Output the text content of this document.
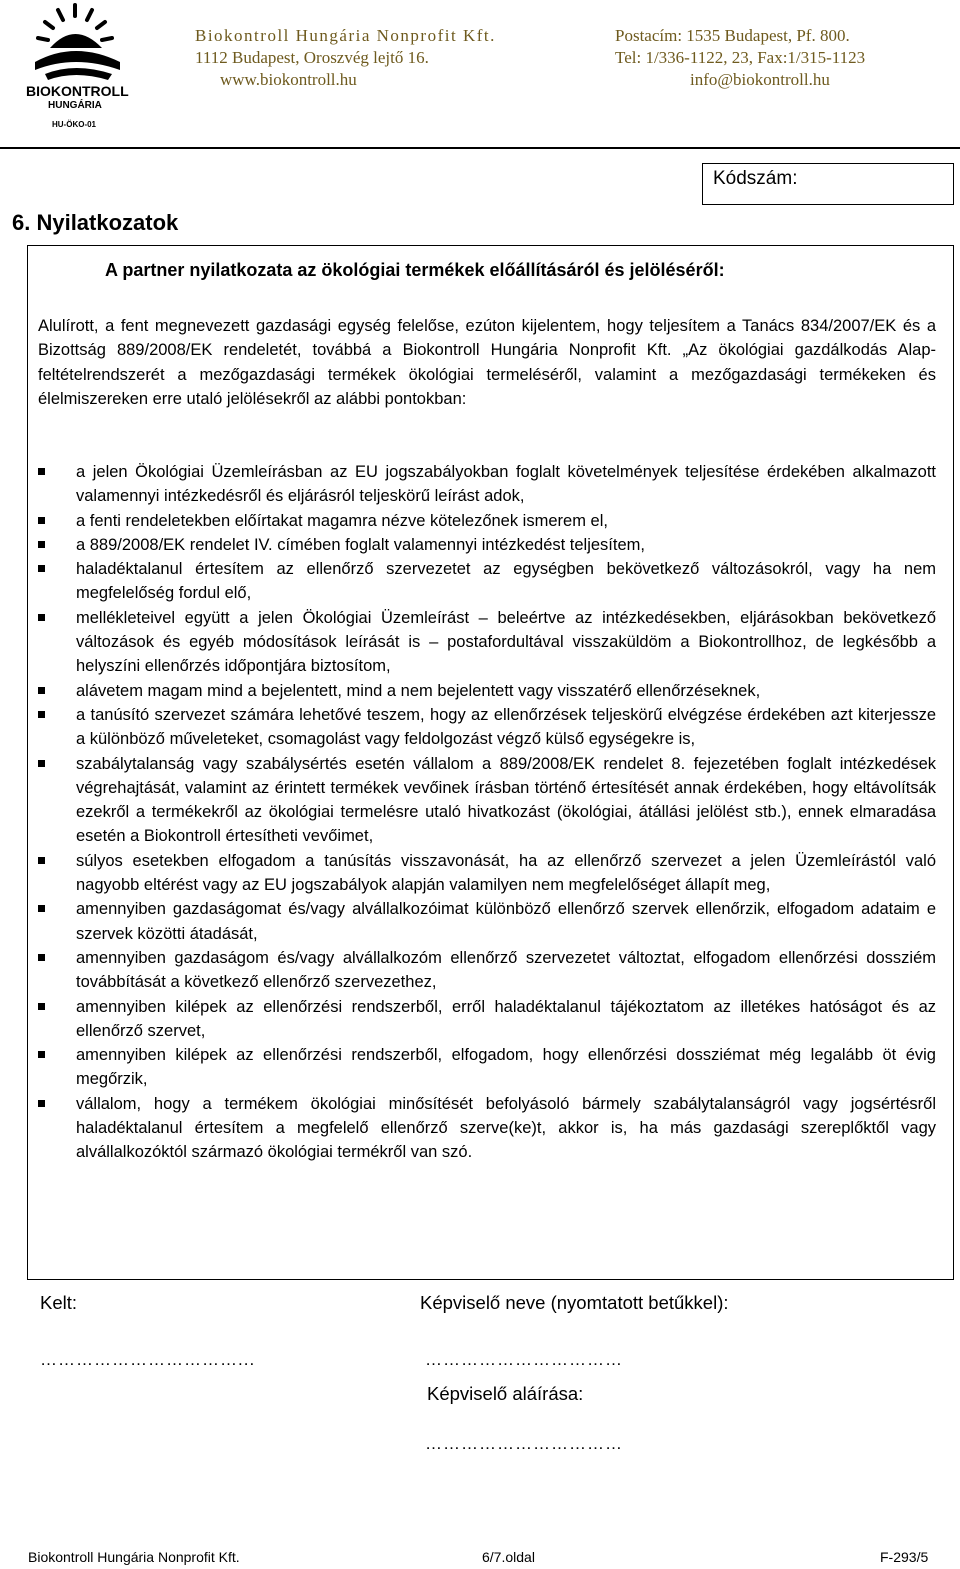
BIOKONTROLL
HUNGÁRIA
HU-ÖKO-01
Biokontroll Hungária Nonprofit Kft.
1112 Budapest, Oroszvég lejtő 16.
www.biokontroll.hu
Postacím: 1535 Budapest, Pf. 800.
Tel: 1/336-1122, 23, Fax:1/315-1123
info@biokontroll.hu
Kódszám:
6. Nyilatkozatok
A partner nyilatkozata az ökológiai termékek előállításáról és jelöléséről:
Alulírott, a fent megnevezett gazdasági egység felelőse, ezúton kijelentem, hogy teljesítem a Tanács 834/2007/EK és a Bizottság 889/2008/EK rendeletét, továbbá a Biokontroll Hungária Nonprofit Kft. „Az ökológiai gazdálkodás Alap-feltételrendszerét a mezőgazdasági termékek ökológiai termeléséről, valamint a mezőgazdasági termékeken és élelmiszereken erre utaló jelölésekről az alábbi pontokban:
a jelen Ökológiai Üzemleírásban az EU jogszabályokban foglalt követelmények teljesítése érdekében alkalmazott valamennyi intézkedésről és eljárásról teljeskörű leírást adok,
a fenti rendeletekben előírtakat magamra nézve kötelezőnek ismerem el,
a 889/2008/EK rendelet IV. címében foglalt valamennyi intézkedést teljesítem,
haladéktalanul értesítem az ellenőrző szervezetet az egységben bekövetkező változásokról, vagy ha nem megfelelőség fordul elő,
mellékleteivel együtt a jelen Ökológiai Üzemleírást – beleértve az intézkedésekben, eljárásokban bekövetkező változások és egyéb módosítások leírását is – postafordultával visszaküldöm a Biokontrollhoz, de legkésőbb a helyszíni ellenőrzés időpontjára biztosítom,
alávetem magam mind a bejelentett, mind a nem bejelentett vagy visszatérő ellenőrzéseknek,
a tanúsító szervezet számára lehetővé teszem, hogy az ellenőrzések teljeskörű elvégzése érdekében azt kiterjessze a különböző műveleteket, csomagolást vagy feldolgozást végző külső egységekre is,
szabálytalanság vagy szabálysértés esetén vállalom a 889/2008/EK rendelet 8. fejezetében foglalt intézkedések végrehajtását, valamint az érintett termékek vevőinek írásban történő értesítését annak érdekében, hogy eltávolítsák ezekről a termékekről az ökológiai termelésre utaló hivatkozást (ökológiai, átállási jelölést stb.), ennek elmaradása esetén a Biokontroll értesítheti vevőimet,
súlyos esetekben elfogadom a tanúsítás visszavonását, ha az ellenőrző szervezet a jelen Üzemleírástól való nagyobb eltérést vagy az EU jogszabályok alapján valamilyen nem megfelelőséget állapít meg,
amennyiben gazdaságomat és/vagy alvállalkozóimat különböző ellenőrző szervek ellenőrzik, elfogadom adataim e szervek közötti átadását,
amennyiben gazdaságom és/vagy alvállalkozóm ellenőrző szervezetet változtat, elfogadom ellenőrzési dossziém továbbítását a következő ellenőrző szervezethez,
amennyiben kilépek az ellenőrzési rendszerből, erről haladéktalanul tájékoztatom az illetékes hatóságot és az ellenőrző szervet,
amennyiben kilépek az ellenőrzési rendszerből, elfogadom, hogy ellenőrzési dossziémat még legalább öt évig megőrzik,
vállalom, hogy a termékem ökológiai minősítését befolyásoló bármely szabálytalanságról vagy jogsértésről haladéktalanul értesítem a megfelelő ellenőrző szerve(ke)t, akkor is, ha más gazdasági szereplőktől vagy alvállalkozóktól származó ökológiai termékről van szó.
Kelt:	Képviselő neve (nyomtatott betűkkel):
……………………………...	……………………………
Képviselő aláírása:
……………………………
Biokontroll Hungária Nonprofit Kft.	6/7.oldal	F-293/5
